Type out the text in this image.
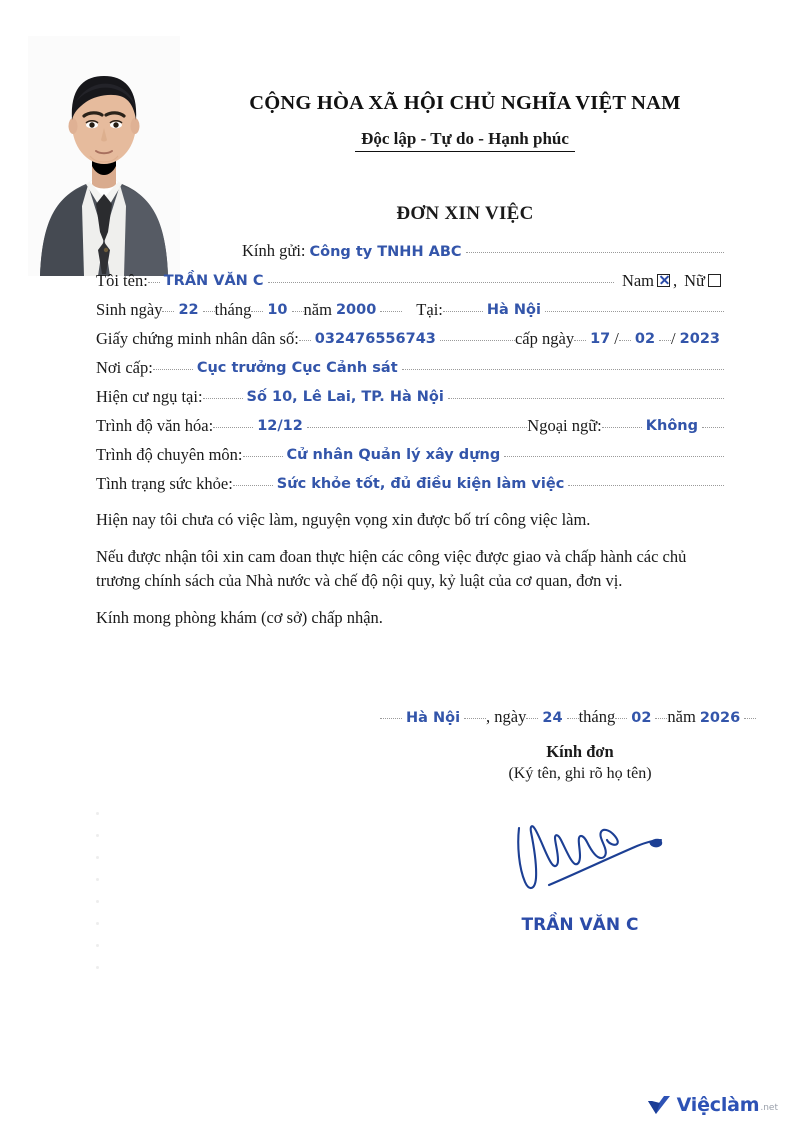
CỘNG HÒA XÃ HỘI CHỦ NGHĨA VIỆT NAM
Độc lập - Tự do - Hạnh phúc
ĐƠN XIN VIỆC
Kính gửi: Công ty TNHH ABC
Tôi tên: TRẦN VĂN C	Nam , Nữ
Sinh ngày 22 tháng 10 năm 2000 Tại:	Hà Nội
Giấy chứng minh nhân dân số: 032476556743	cấp ngày 17 / 02 / 2023
Nơi cấp:	Cục trưởng Cục Cảnh sát
Hiện cư ngụ tại:	Số 10, Lê Lai, TP. Hà Nội
Trình độ văn hóa:	12/12	Ngoại ngữ:	Không
Trình độ chuyên môn:	Cử nhân Quản lý xây dựng
Tình trạng sức khỏe:	Sức khỏe tốt, đủ điều kiện làm việc
Hiện nay tôi chưa có việc làm, nguyện vọng xin được bố trí công việc làm.
Nếu được nhận tôi xin cam đoan thực hiện các công việc được giao và chấp hành các chủ trương chính sách của Nhà nước và chế độ nội quy, kỷ luật của cơ quan, đơn vị.
Kính mong phòng khám (cơ sở) chấp nhận.
Hà Nội , ngày 24 tháng 02 năm 2026
Kính đơn
(Ký tên, ghi rõ họ tên)
TRẦN VĂN C
Việclàm .net
